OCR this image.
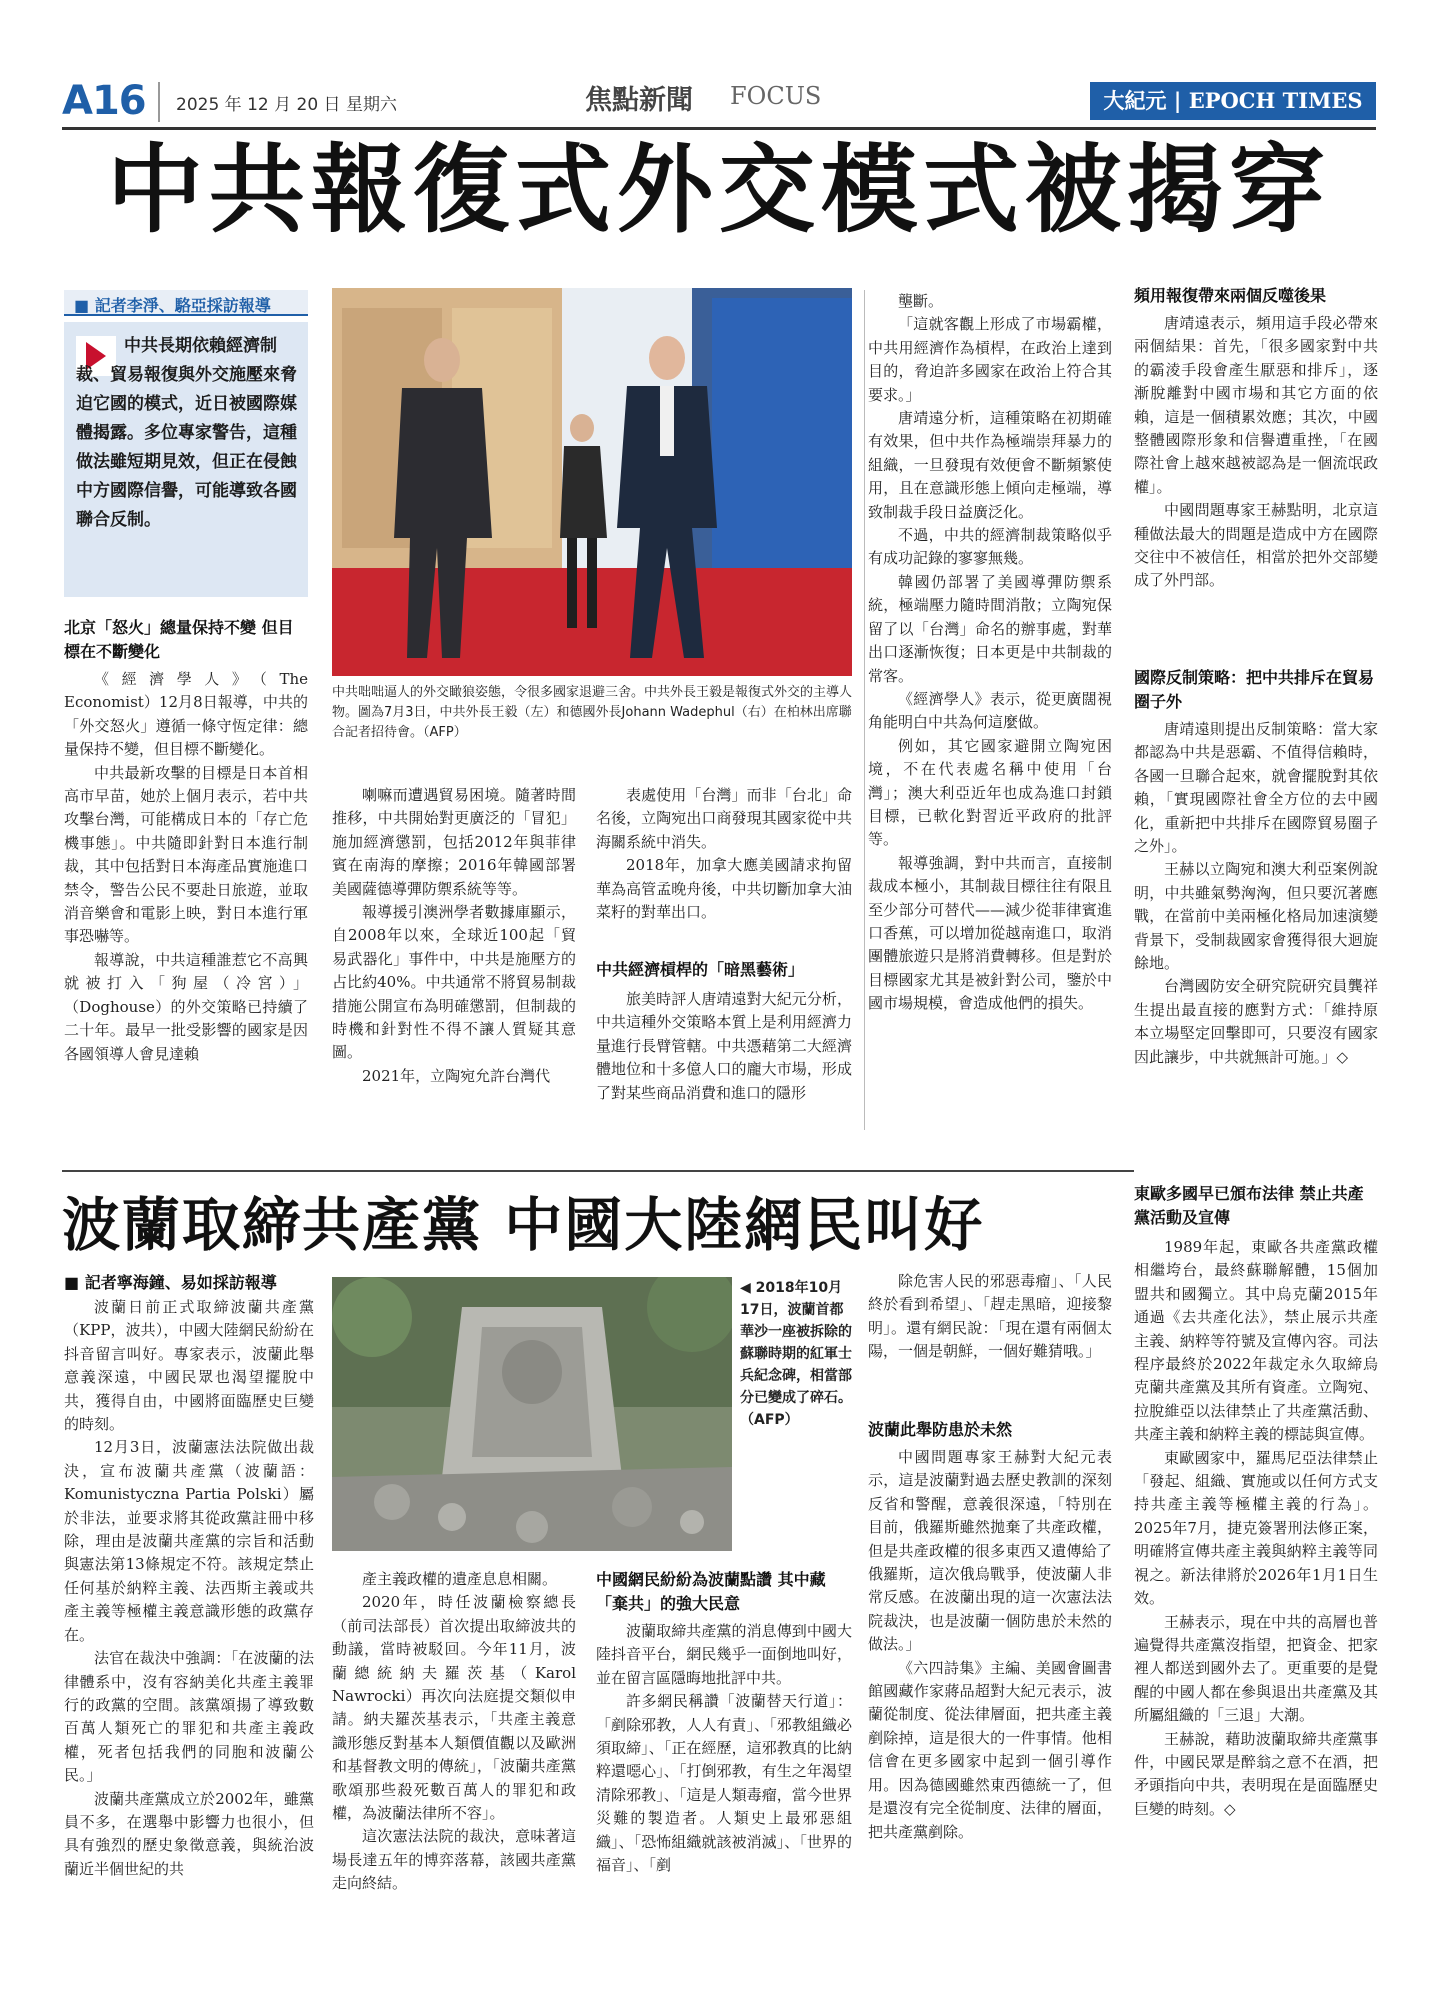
A16 2025 年 12 月 20 日 星期六	焦點新聞 FOCUS	大紀元 | EPOCH TIMES
中共報復式外交模式被揭穿
■ 記者李淨、駱亞採訪報導
中共長期依賴經濟制裁、貿易報復與外交施壓來脅迫它國的模式，近日被國際媒體揭露。多位專家警告，這種做法雖短期見效，但正在侵蝕中方國際信譽，可能導致各國聯合反制。
北京「怒火」總量保持不變 但目標在不斷變化

《經濟學人》（The Economist）12月8日報導，中共的「外交怒火」遵循一條守恆定律：總量保持不變，但目標不斷變化。

中共最新攻擊的目標是日本首相高市早苗，她於上個月表示，若中共攻擊台灣，可能構成日本的「存亡危機事態」。中共隨即針對日本進行制裁，其中包括對日本海產品實施進口禁令，警告公民不要赴日旅遊，並取消音樂會和電影上映，對日本進行軍事恐嚇等。

報導說，中共這種誰惹它不高興就被打入「狗屋（冷宮）」（Doghouse）的外交策略已持續了二十年。最早一批受影響的國家是因各國領導人會見達賴

中共咄咄逼人的外交瞰狼姿態，令很多國家退避三舍。中共外長王毅是報復式外交的主導人物。圖為7月3日，中共外長王毅（左）和德國外長Johann Wadephul（右）在柏林出席聯合記者招待會。（AFP）

喇嘛而遭遇貿易困境。隨著時間推移，中共開始對更廣泛的「冒犯」施加經濟懲罰，包括2012年與菲律賓在南海的摩擦；2016年韓國部署美國薩德導彈防禦系統等等。

報導援引澳洲學者數據庫顯示，自2008年以來，全球近100起「貿易武器化」事件中，中共是施壓方的占比約40%。中共通常不將貿易制裁措施公開宣布為明確懲罰，但制裁的時機和針對性不得不讓人質疑其意圖。

2021年，立陶宛允許台灣代

表處使用「台灣」而非「台北」命名後，立陶宛出口商發現其國家從中共海關系統中消失。

2018年，加拿大應美國請求拘留華為高管孟晚舟後，中共切斷加拿大油菜籽的對華出口。

中共經濟槓桿的「暗黑藝術」

旅美時評人唐靖遠對大紀元分析，中共這種外交策略本質上是利用經濟力量進行長臂管轄。中共憑藉第二大經濟體地位和十多億人口的龐大市場，形成了對某些商品消費和進口的隱形

壟斷。

「這就客觀上形成了市場霸權，中共用經濟作為槓桿，在政治上達到目的，脅迫許多國家在政治上符合其要求。」

唐靖遠分析，這種策略在初期確有效果，但中共作為極端崇拜暴力的組織，一旦發現有效便會不斷頻繁使用，且在意識形態上傾向走極端，導致制裁手段日益廣泛化。

不過，中共的經濟制裁策略似乎有成功記錄的寥寥無幾。

韓國仍部署了美國導彈防禦系統，極端壓力隨時間消散；立陶宛保留了以「台灣」命名的辦事處，對華出口逐漸恢復；日本更是中共制裁的常客。

《經濟學人》表示，從更廣闊視角能明白中共為何這麼做。

例如，其它國家避開立陶宛困境，不在代表處名稱中使用「台灣」；澳大利亞近年也成為進口封鎖目標，已軟化對習近平政府的批評等。

報導強調，對中共而言，直接制裁成本極小，其制裁目標往往有限且至少部分可替代——減少從菲律賓進口香蕉，可以增加從越南進口，取消團體旅遊只是將消費轉移。但是對於目標國家尤其是被針對公司，鑒於中國市場規模，會造成他們的損失。

頻用報復帶來兩個反噬後果

唐靖遠表示，頻用這手段必帶來兩個結果：首先，「很多國家對中共的霸淩手段會產生厭惡和排斥」，逐漸脫離對中國市場和其它方面的依賴，這是一個積累效應；其次，中國整體國際形象和信譽遭重挫，「在國際社會上越來越被認為是一個流氓政權」。

中國問題專家王赫點明，北京這種做法最大的問題是造成中方在國際交往中不被信任，相當於把外交部變成了外門部。

國際反制策略：把中共排斥在貿易圈子外

唐靖遠則提出反制策略：當大家都認為中共是惡霸、不值得信賴時，各國一旦聯合起來，就會擺脫對其依賴，「實現國際社會全方位的去中國化，重新把中共排斥在國際貿易圈子之外」。

王赫以立陶宛和澳大利亞案例說明，中共雖氣勢洶洶，但只要沉著應戰，在當前中美兩極化格局加速演變背景下，受制裁國家會獲得很大迴旋餘地。

台灣國防安全研究院研究員龔祥生提出最直接的應對方式：「維持原本立場堅定回擊即可，只要沒有國家因此讓步，中共就無計可施。」◇

波蘭取締共產黨 中國大陸網民叫好
■ 記者寧海鐘、易如採訪報導

波蘭日前正式取締波蘭共產黨（KPP，波共），中國大陸網民紛紛在抖音留言叫好。專家表示，波蘭此舉意義深遠，中國民眾也渴望擺脫中共，獲得自由，中國將面臨歷史巨變的時刻。

12月3日，波蘭憲法法院做出裁決，宣布波蘭共產黨（波蘭語：Komunistyczna Partia Polski）屬於非法，並要求將其從政黨註冊中移除，理由是波蘭共產黨的宗旨和活動與憲法第13條規定不符。該規定禁止任何基於納粹主義、法西斯主義或共產主義等極權主義意識形態的政黨存在。

法官在裁決中強調：「在波蘭的法律體系中，沒有容納美化共產主義罪行的政黨的空間。該黨頌揚了導致數百萬人類死亡的罪犯和共產主義政權，死者包括我們的同胞和波蘭公民。」

波蘭共產黨成立於2002年，雖黨員不多，在選舉中影響力也很小，但具有強烈的歷史象徵意義，與統治波蘭近半個世紀的共

◀ 2018年10月17日，波蘭首都華沙一座被拆除的蘇聯時期的紅軍士兵紀念碑，相當部分已變成了碎石。（AFP）

產主義政權的遺產息息相關。

2020年，時任波蘭檢察總長（前司法部長）首次提出取締波共的動議，當時被駁回。今年11月，波蘭總統納夫羅茨基（Karol Nawrocki）再次向法庭提交類似申請。納夫羅茨基表示，「共產主義意識形態反對基本人類價值觀以及歐洲和基督教文明的傳統」，「波蘭共產黨歌頌那些殺死數百萬人的罪犯和政權，為波蘭法律所不容」。

這次憲法法院的裁決，意味著這場長達五年的博弈落幕，該國共產黨走向終結。

中國網民紛紛為波蘭點讚 其中藏「棄共」的強大民意

波蘭取締共產黨的消息傳到中國大陸抖音平台，網民幾乎一面倒地叫好，並在留言區隱晦地批評中共。

許多網民稱讚「波蘭替天行道」：「剷除邪教，人人有責」、「邪教組織必須取締」、「正在經歷，這邪教真的比納粹還噁心」、「打倒邪教，有生之年渴望清除邪教」、「這是人類毒瘤，當今世界災難的製造者。人類史上最邪惡組織」、「恐怖組織就該被消滅」、「世界的福音」、「剷

除危害人民的邪惡毒瘤」、「人民終於看到希望」、「趕走黑暗，迎接黎明」。還有網民說：「現在還有兩個太陽，一個是朝鮮，一個好難猜哦。」

波蘭此舉防患於未然

中國問題專家王赫對大紀元表示，這是波蘭對過去歷史教訓的深刻反省和警醒，意義很深遠，「特別在目前，俄羅斯雖然拋棄了共產政權，但是共產政權的很多東西又遺傳給了俄羅斯，這次俄烏戰爭，使波蘭人非常反感。在波蘭出現的這一次憲法法院裁決，也是波蘭一個防患於未然的做法。」

《六四詩集》主編、美國會圖書館國藏作家蔣品超對大紀元表示，波蘭從制度、從法律層面，把共產主義剷除掉，這是很大的一件事情。他相信會在更多國家中起到一個引導作用。因為德國雖然東西德統一了，但是還沒有完全從制度、法律的層面，把共產黨剷除。

東歐多國早已頒布法律 禁止共產黨活動及宣傳

1989年起，東歐各共產黨政權相繼垮台，最終蘇聯解體，15個加盟共和國獨立。其中烏克蘭2015年通過《去共產化法》，禁止展示共產主義、納粹等符號及宣傳內容。司法程序最終於2022年裁定永久取締烏克蘭共產黨及其所有資產。立陶宛、拉脫維亞以法律禁止了共產黨活動、共產主義和納粹主義的標誌與宣傳。

東歐國家中，羅馬尼亞法律禁止「發起、組織、實施或以任何方式支持共產主義等極權主義的行為」。2025年7月，捷克簽署刑法修正案，明確將宣傳共產主義與納粹主義等同視之。新法律將於2026年1月1日生效。

王赫表示，現在中共的高層也普遍覺得共產黨沒指望，把資金、把家裡人都送到國外去了。更重要的是覺醒的中國人都在參與退出共產黨及其所屬組織的「三退」大潮。

王赫說，藉助波蘭取締共產黨事件，中國民眾是醉翁之意不在酒，把矛頭指向中共，表明現在是面臨歷史巨變的時刻。◇
